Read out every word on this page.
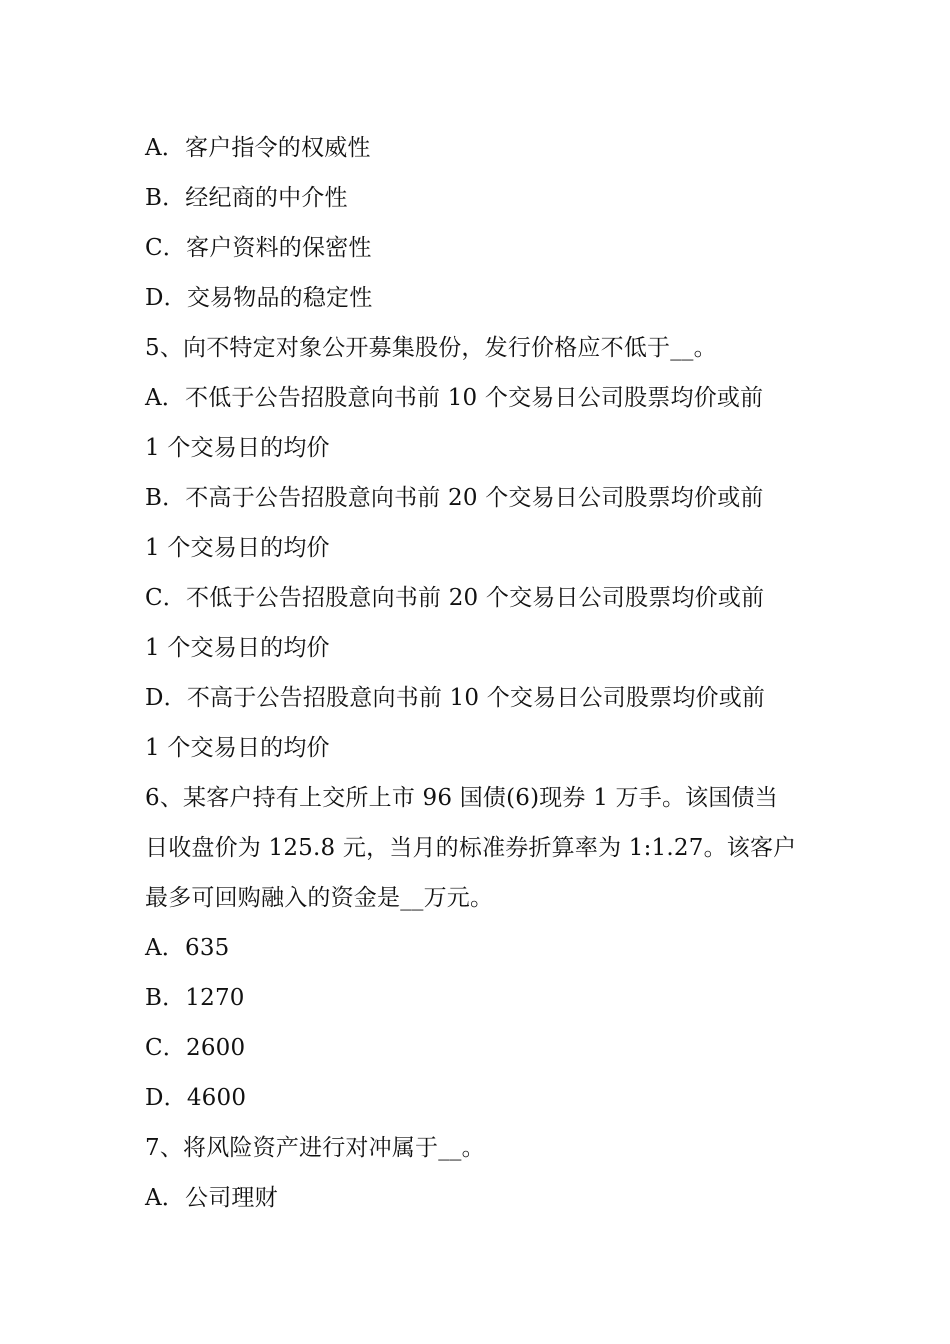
A．客户指令的权威性
B．经纪商的中介性
C．客户资料的保密性
D．交易物品的稳定性
5、向不特定对象公开募集股份，发行价格应不低于__。
A．不低于公告招股意向书前 10 个交易日公司股票均价或前
1 个交易日的均价
B．不高于公告招股意向书前 20 个交易日公司股票均价或前
1 个交易日的均价
C．不低于公告招股意向书前 20 个交易日公司股票均价或前
1 个交易日的均价
D．不高于公告招股意向书前 10 个交易日公司股票均价或前
1 个交易日的均价
6、某客户持有上交所上市 96 国债(6)现券 1 万手。该国债当
日收盘价为 125.8 元，当月的标准券折算率为 1:1.27。该客户
最多可回购融入的资金是__万元。
A．635
B．1270
C．2600
D．4600
7、将风险资产进行对冲属于__。
A．公司理财
